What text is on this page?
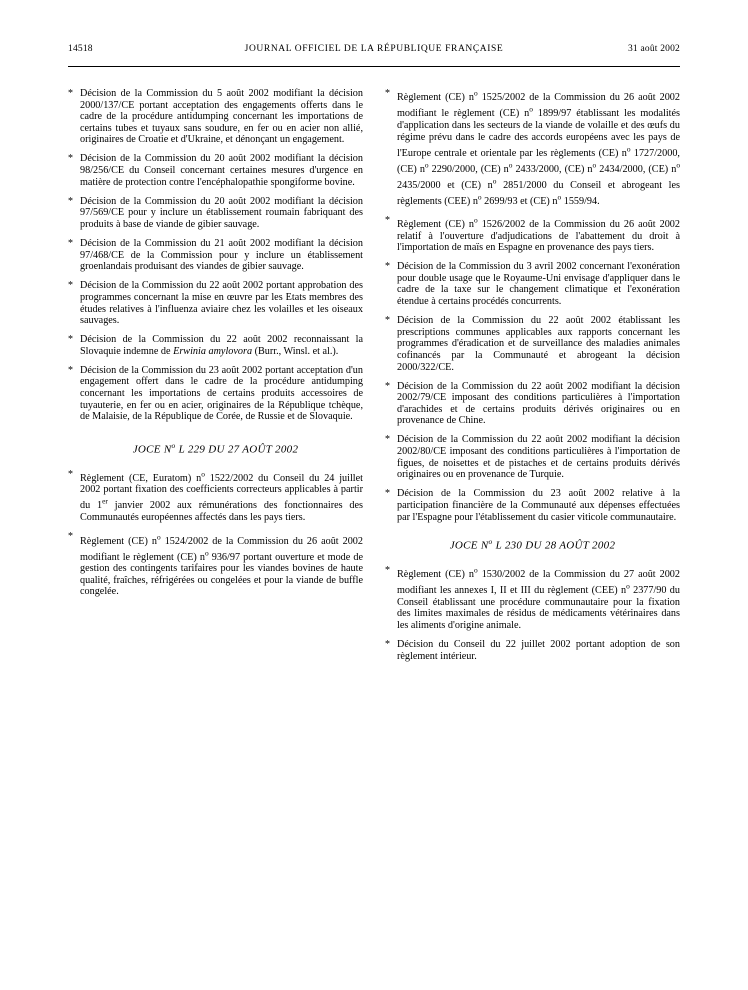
14518	JOURNAL OFFICIEL DE LA RÉPUBLIQUE FRANÇAISE	31 août 2002
* Décision de la Commission du 5 août 2002 modifiant la décision 2000/137/CE portant acceptation des engagements offerts dans le cadre de la procédure antidumping concernant les importations de certains tubes et tuyaux sans soudure, en fer ou en acier non allié, originaires de Croatie et d'Ukraine, et dénonçant un engagement.
* Décision de la Commission du 20 août 2002 modifiant la décision 98/256/CE du Conseil concernant certaines mesures d'urgence en matière de protection contre l'encéphalopathie spongiforme bovine.
* Décision de la Commission du 20 août 2002 modifiant la décision 97/569/CE pour y inclure un établissement roumain fabriquant des produits à base de viande de gibier sauvage.
* Décision de la Commission du 21 août 2002 modifiant la décision 97/468/CE de la Commission pour y inclure un établissement groenlandais produisant des viandes de gibier sauvage.
* Décision de la Commission du 22 août 2002 portant approbation des programmes concernant la mise en œuvre par les Etats membres des études relatives à l'influenza aviaire chez les volailles et les oiseaux sauvages.
* Décision de la Commission du 22 août 2002 reconnaissant la Slovaquie indemne de Erwinia amylovora (Burr., Winsl. et al.).
* Décision de la Commission du 23 août 2002 portant acceptation d'un engagement offert dans le cadre de la procédure antidumping concernant les importations de certains produits accessoires de tuyauterie, en fer ou en acier, originaires de la République tchèque, de Malaisie, de la République de Corée, de Russie et de Slovaquie.
JOCE $N^o$ L 229 DU 27 AOÛT 2002
* Règlement (CE, Euratom) $n^o$ 1522/2002 du Conseil du 24 juillet 2002 portant fixation des coefficients correcteurs applicables à partir du 1er janvier 2002 aux rémunérations des fonctionnaires des Communautés européennes affectés dans les pays tiers.
* Règlement (CE) $n^o$ 1524/2002 de la Commission du 26 août 2002 modifiant le règlement (CE) $n^o$ 936/97 portant ouverture et mode de gestion des contingents tarifaires pour les viandes bovines de haute qualité, fraîches, réfrigérées ou congelées et pour la viande de buffle congelée.
* Règlement (CE) $n^o$ 1525/2002 de la Commission du 26 août 2002 modifiant le règlement (CE) $n^o$ 1899/97 établissant les modalités d'application dans les secteurs de la viande de volaille et des œufs du régime prévu dans le cadre des accords européens avec les pays de l'Europe centrale et orientale par les règlements (CE) $n^o$ 1727/2000, (CE) $n^o$ 2290/2000, (CE) $n^o$ 2433/2000, (CE) $n^o$ 2434/2000, (CE) $n^o$ 2435/2000 et (CE) $n^o$ 2851/2000 du Conseil et abrogeant les règlements (CEE) $n^o$ 2699/93 et (CE) $n^o$ 1559/94.
* Règlement (CE) $n^o$ 1526/2002 de la Commission du 26 août 2002 relatif à l'ouverture d'adjudications de l'abattement du droit à l'importation de maïs en Espagne en provenance des pays tiers.
* Décision de la Commission du 3 avril 2002 concernant l'exonération pour double usage que le Royaume-Uni envisage d'appliquer dans le cadre de la taxe sur le changement climatique et l'exonération étendue à certains procédés concurrents.
* Décision de la Commission du 22 août 2002 établissant les prescriptions communes applicables aux rapports concernant les programmes d'éradication et de surveillance des maladies animales cofinancés par la Communauté et abrogeant la décision 2000/322/CE.
* Décision de la Commission du 22 août 2002 modifiant la décision 2002/79/CE imposant des conditions particulières à l'importation d'arachides et de certains produits dérivés originaires ou en provenance de Chine.
* Décision de la Commission du 22 août 2002 modifiant la décision 2002/80/CE imposant des conditions particulières à l'importation de figues, de noisettes et de pistaches et de certains produits dérivés originaires ou en provenance de Turquie.
* Décision de la Commission du 23 août 2002 relative à la participation financière de la Communauté aux dépenses effectuées par l'Espagne pour l'établissement du casier viticole communautaire.
JOCE $N^o$ L 230 DU 28 AOÛT 2002
* Règlement (CE) $n^o$ 1530/2002 de la Commission du 27 août 2002 modifiant les annexes I, II et III du règlement (CEE) $n^o$ 2377/90 du Conseil établissant une procédure communautaire pour la fixation des limites maximales de résidus de médicaments vétérinaires dans les aliments d'origine animale.
* Décision du Conseil du 22 juillet 2002 portant adoption de son règlement intérieur.
